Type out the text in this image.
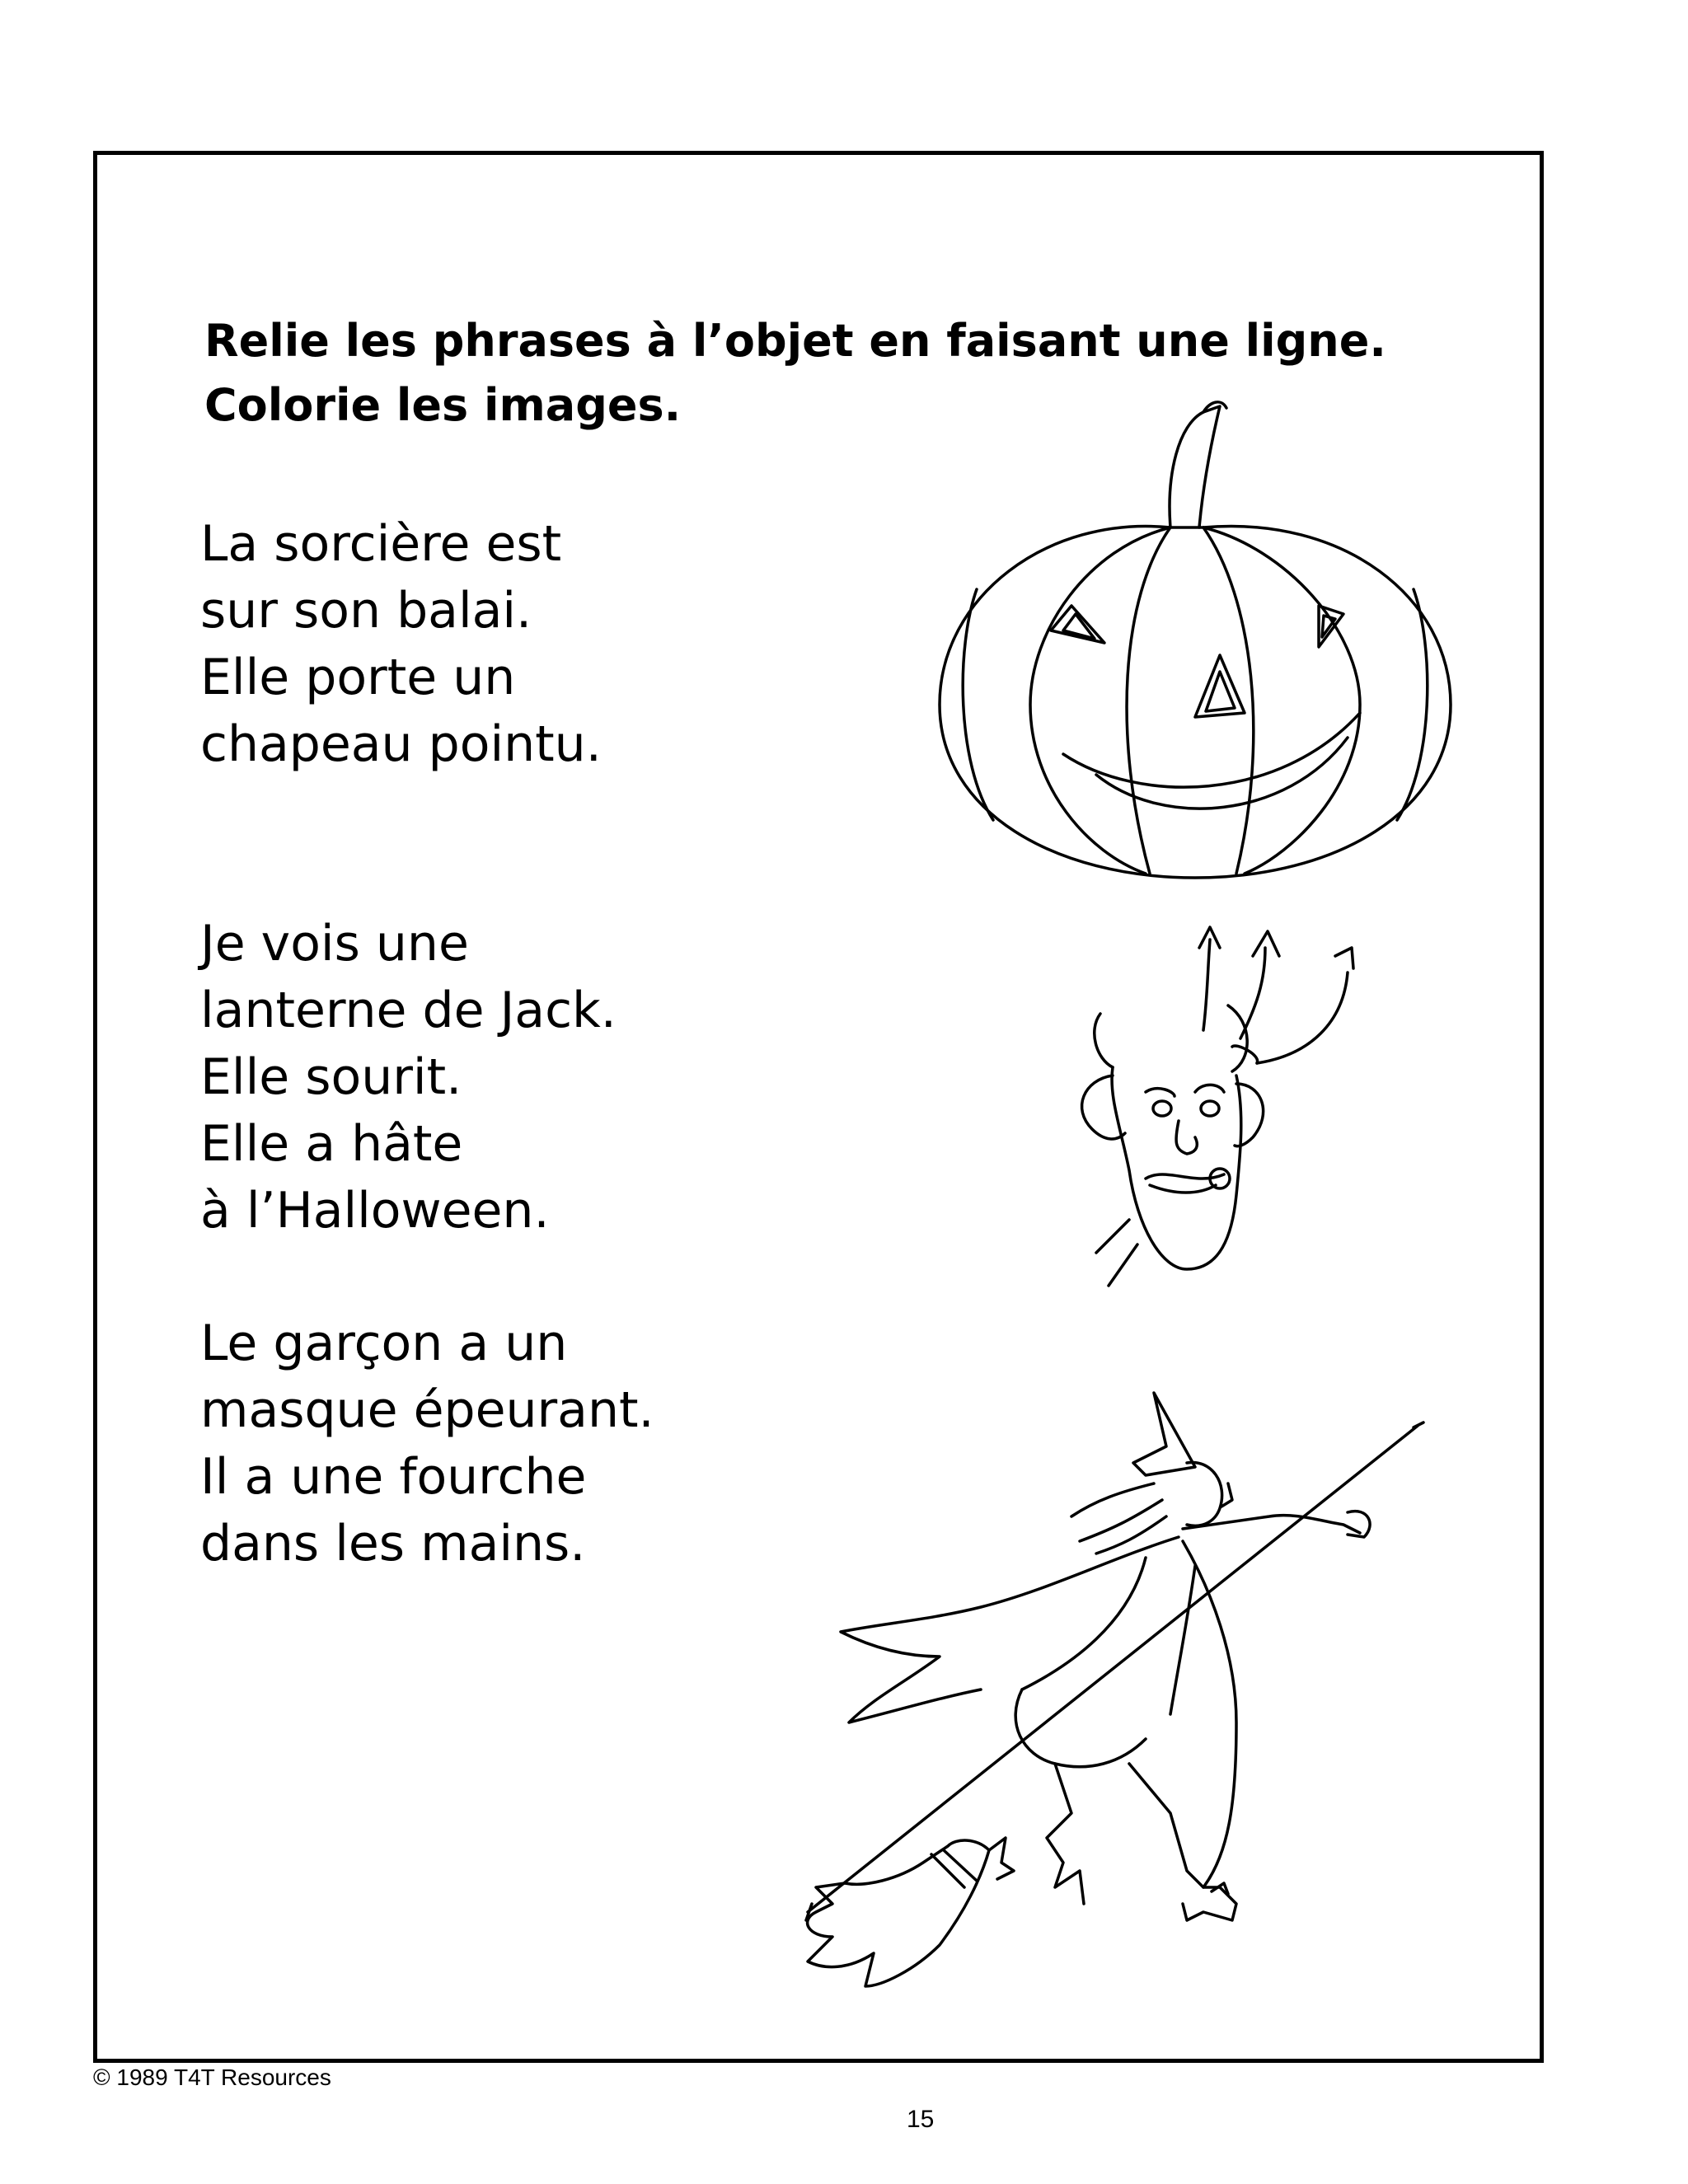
Relie les phrases à l’objet en faisant une ligne.
Colorie les images.
La sorcière est
sur son balai.
Elle porte un
chapeau pointu.
Je vois une
lanterne de Jack.
Elle sourit.
Elle a hâte
à l’Halloween.
Le garçon a un
masque épeurant.
Il a une fourche
dans les mains.
© 1989 T4T Resources
15
